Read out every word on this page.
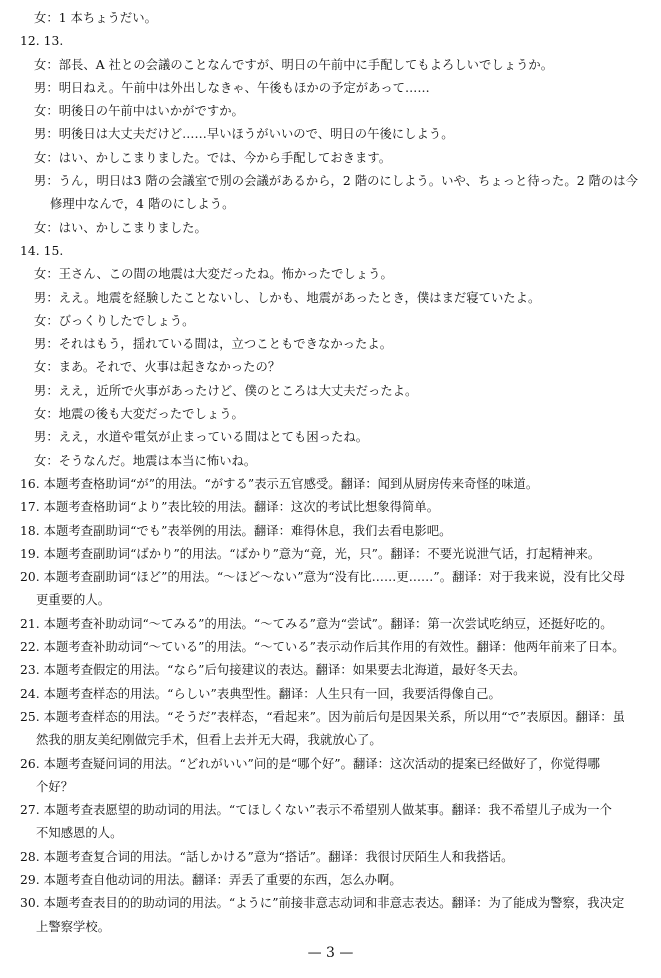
女：1 本ちょうだい。
12. 13.
女：部長、A 社との会議のことなんですが、明日の午前中に手配してもよろしいでしょうか。
男：明日ねえ。午前中は外出しなきゃ、午後もほかの予定があって……
女：明後日の午前中はいかがですか。
男：明後日は大丈夫だけど……早いほうがいいので、明日の午後にしよう。
女：はい、かしこまりました。では、今から手配しておきます。
男：うん，明日は3 階の会議室で別の会議があるから，2 階のにしよう。いや、ちょっと待った。2 階のは今
修理中なんで，4 階のにしよう。
女：はい、かしこまりました。
14. 15.
女：王さん、この間の地震は大変だったね。怖かったでしょう。
男：ええ。地震を経験したことないし、しかも、地震があったとき，僕はまだ寝ていたよ。
女：びっくりしたでしょう。
男：それはもう，揺れている間は，立つこともできなかったよ。
女：まあ。それで、火事は起きなかったの？
男：ええ，近所で火事があったけど、僕のところは大丈夫だったよ。
女：地震の後も大変だったでしょう。
男：ええ，水道や電気が止まっている間はとても困ったね。
女：そうなんだ。地震は本当に怖いね。
16. 本题考查格助词“が”的用法。“がする”表示五官感受。翻译：闻到从厨房传来奇怪的味道。
17. 本题考查格助词“より”表比较的用法。翻译：这次的考试比想象得简单。
18. 本题考查副助词“でも”表举例的用法。翻译：难得休息，我们去看电影吧。
19. 本题考查副助词“ばかり”的用法。“ばかり”意为“竟，光，只”。翻译：不要光说泄气话，打起精神来。
20. 本题考查副助词“ほど”的用法。“～ほど～ない”意为“没有比……更……”。翻译：对于我来说，没有比父母
更重要的人。
21. 本题考查补助动词“～てみる”的用法。“～てみる”意为“尝试”。翻译：第一次尝试吃纳豆，还挺好吃的。
22. 本题考查补助动词“～ている”的用法。“～ている”表示动作后其作用的有效性。翻译：他两年前来了日本。
23. 本题考查假定的用法。“なら”后句接建议的表达。翻译：如果要去北海道，最好冬天去。
24. 本题考查样态的用法。“らしい”表典型性。翻译：人生只有一回，我要活得像自己。
25. 本题考查样态的用法。“そうだ”表样态，“看起来”。因为前后句是因果关系，所以用“で”表原因。翻译：虽
然我的朋友美纪刚做完手术，但看上去并无大碍，我就放心了。
26. 本题考查疑问词的用法。“どれがいい”问的是“哪个好”。翻译：这次活动的提案已经做好了，你觉得哪
个好？
27. 本题考查表愿望的助动词的用法。“てほしくない”表示不希望别人做某事。翻译：我不希望儿子成为一个
不知感恩的人。
28. 本题考查复合词的用法。“話しかける”意为“搭话”。翻译：我很讨厌陌生人和我搭话。
29. 本题考查自他动词的用法。翻译：弄丢了重要的东西，怎么办啊。
30. 本题考查表目的的助动词的用法。“ように”前接非意志动词和非意志表达。翻译：为了能成为警察，我决定
上警察学校。
— 3 —
